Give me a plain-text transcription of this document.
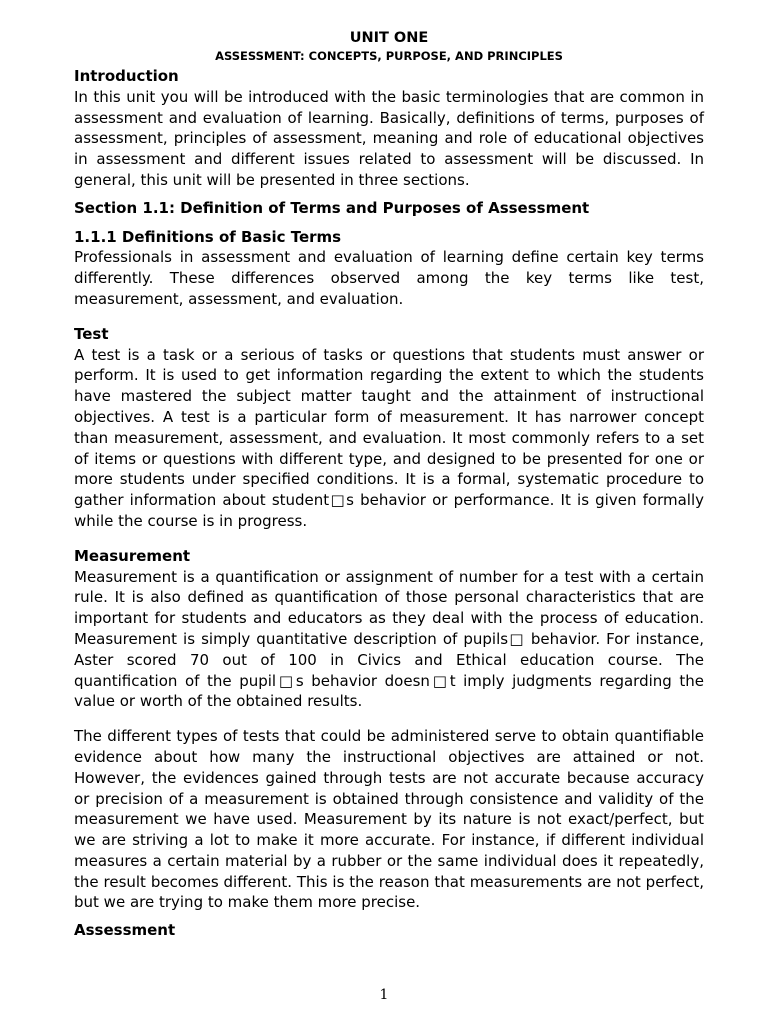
UNIT ONE
ASSESSMENT: CONCEPTS, PURPOSE, AND PRINCIPLES
Introduction

In this unit you will be introduced with the basic terminologies that are common in assessment and evaluation of learning. Basically, definitions of terms, purposes of assessment, principles of assessment, meaning and role of educational objectives in assessment and different issues related to assessment will be discussed. In general, this unit will be presented in three sections.

Section 1.1: Definition of Terms and Purposes of Assessment
1.1.1 Definitions of Basic Terms

Professionals in assessment and evaluation of learning define certain key terms differently. These differences observed among the key terms like test, measurement, assessment, and evaluation.

Test

A test is a task or a serious of tasks or questions that students must answer or perform. It is used to get information regarding the extent to which the students have mastered the subject matter taught and the attainment of instructional objectives. A test is a particular form of measurement. It has narrower concept than measurement, assessment, and evaluation. It most commonly refers to a set of items or questions with different type, and designed to be presented for one or more students under specified conditions. It is a formal, systematic procedure to gather information about student□s behavior or performance. It is given formally while the course is in progress.

Measurement

Measurement is a quantification or assignment of number for a test with a certain rule. It is also defined as quantification of those personal characteristics that are important for students and educators as they deal with the process of education. Measurement is simply quantitative description of pupils□ behavior. For instance, Aster scored 70 out of 100 in Civics and Ethical education course. The quantification of the pupil□s behavior doesn□t imply judgments regarding the value or worth of the obtained results.

The different types of tests that could be administered serve to obtain quantifiable evidence about how many the instructional objectives are attained or not. However, the evidences gained through tests are not accurate because accuracy or precision of a measurement is obtained through consistence and validity of the measurement we have used. Measurement by its nature is not exact/perfect, but we are striving a lot to make it more accurate. For instance, if different individual measures a certain material by a rubber or the same individual does it repeatedly, the result becomes different. This is the reason that measurements are not perfect, but we are trying to make them more precise.

Assessment
1
